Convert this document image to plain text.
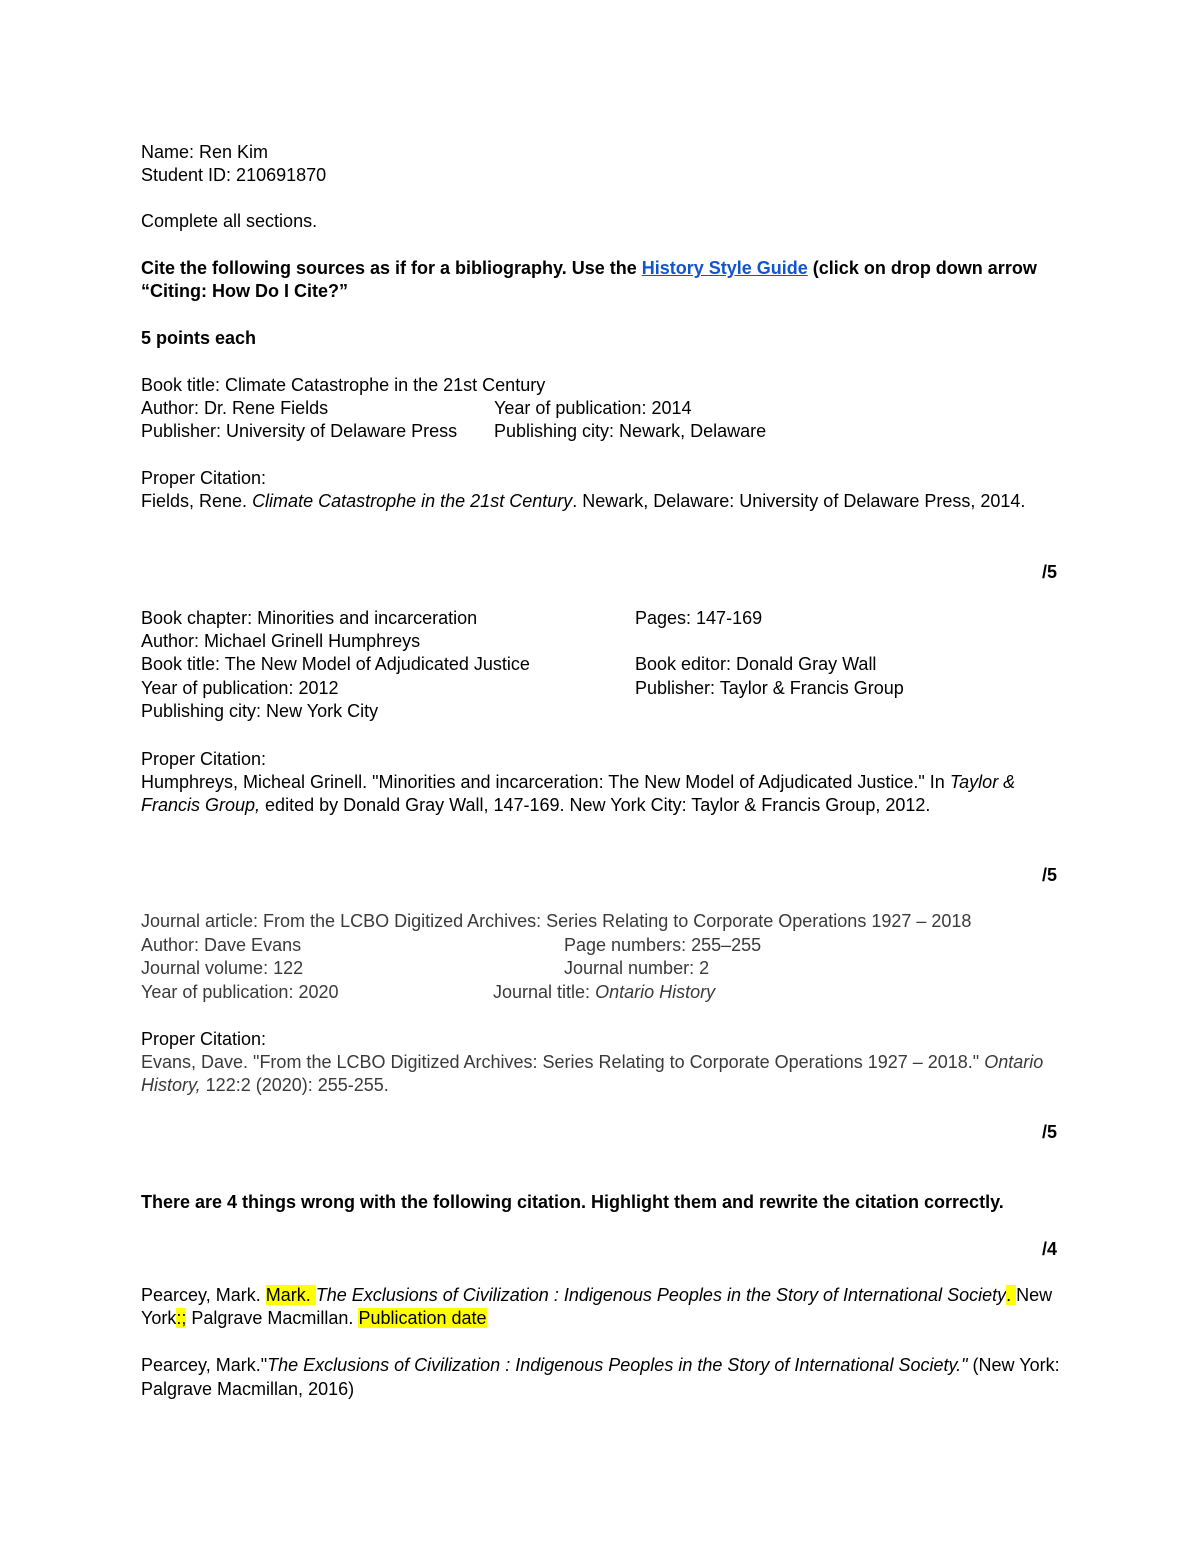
Name: Ren Kim
Student ID: 210691870
Complete all sections.
Cite the following sources as if for a bibliography. Use the History Style Guide (click on drop down arrow
“Citing: How Do I Cite?”
5 points each
Book title: Climate Catastrophe in the 21st Century
Author: Dr. Rene Fields	Year of publication: 2014
Publisher: University of Delaware Press Publishing city: Newark, Delaware
Proper Citation:
Fields, Rene. Climate Catastrophe in the 21st Century. Newark, Delaware: University of Delaware Press, 2014.
/5
Book chapter: Minorities and incarceration	Pages: 147-169
Author: Michael Grinell Humphreys
Book title: The New Model of Adjudicated Justice	Book editor: Donald Gray Wall
Year of publication: 2012	Publisher: Taylor & Francis Group
Publishing city: New York City
Proper Citation:
Humphreys, Micheal Grinell. "Minorities and incarceration: The New Model of Adjudicated Justice." In Taylor &
Francis Group, edited by Donald Gray Wall, 147-169. New York City: Taylor & Francis Group, 2012.
/5
Journal article: From the LCBO Digitized Archives: Series Relating to Corporate Operations 1927 – 2018
Author: Dave Evans	Page numbers: 255–255
Journal volume: 122	Journal number: 2
Year of publication: 2020	Journal title: Ontario History
Proper Citation:
Evans, Dave. "From the LCBO Digitized Archives: Series Relating to Corporate Operations 1927 – 2018." Ontario
History, 122:2 (2020): 255-255.
/5
There are 4 things wrong with the following citation. Highlight them and rewrite the citation correctly.
/4
Pearcey, Mark. Mark. The Exclusions of Civilization : Indigenous Peoples in the Story of International Society. New
York:; Palgrave Macmillan. Publication date
Pearcey, Mark."The Exclusions of Civilization : Indigenous Peoples in the Story of International Society." (New York:
Palgrave Macmillan, 2016)
